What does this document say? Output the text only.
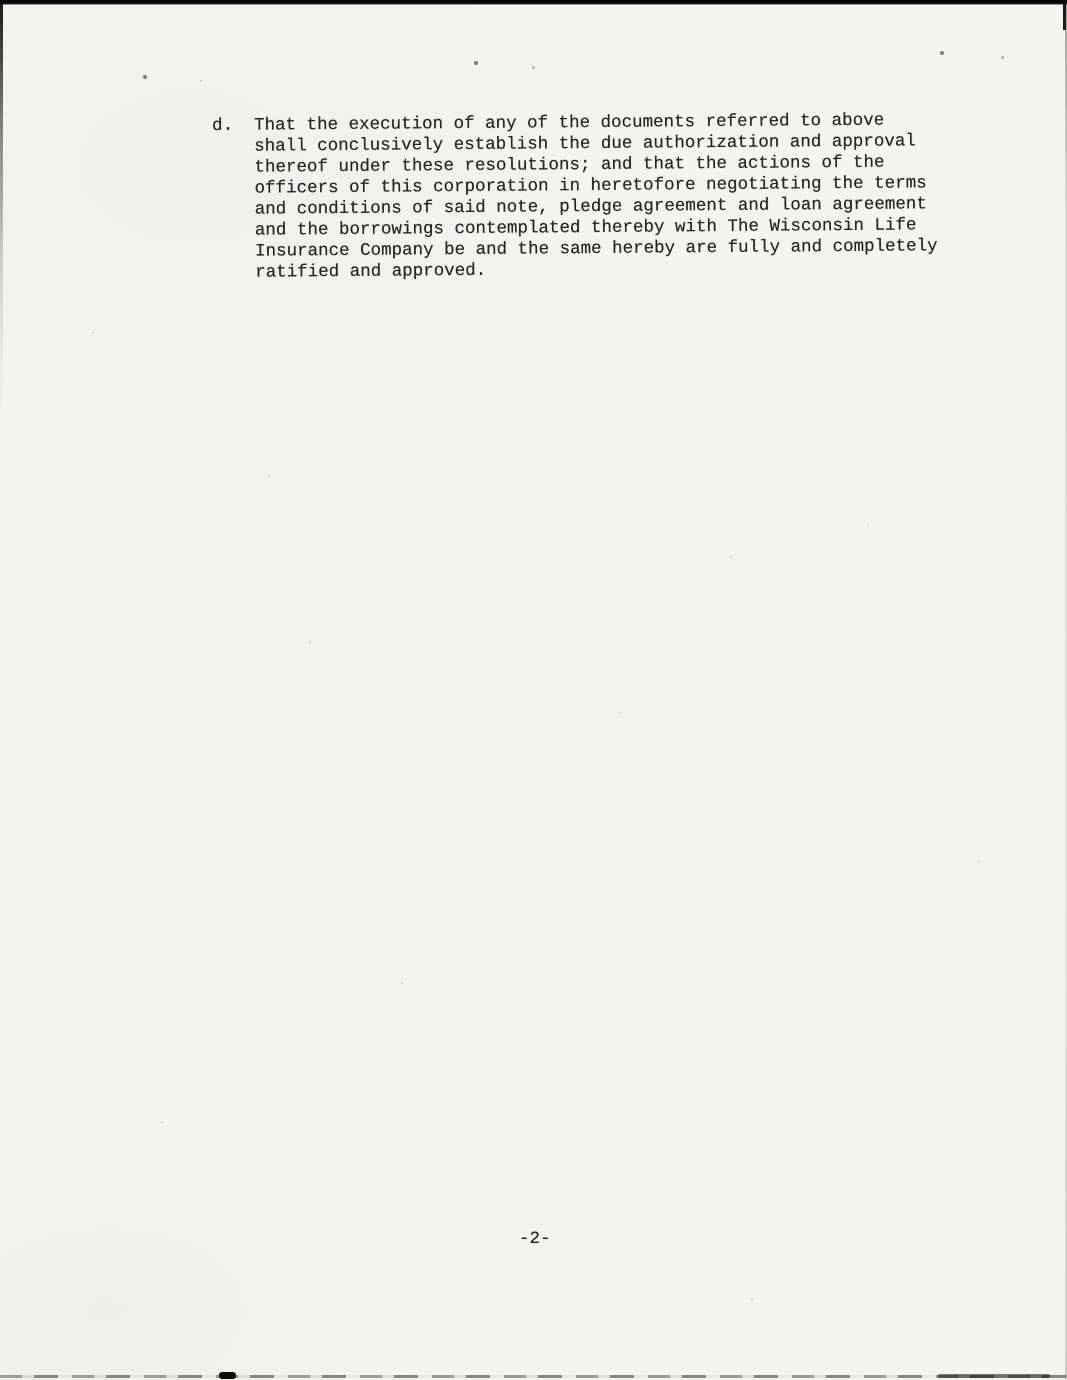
d.	That the execution of any of the documents referred to above
shall conclusively establish the due authorization and approval
thereof under these resolutions; and that the actions of the
officers of this corporation in heretofore negotiating the terms
and conditions of said note, pledge agreement and loan agreement
and the borrowings contemplated thereby with The Wisconsin Life
Insurance Company be and the same hereby are fully and completely
ratified and approved.
-2-
